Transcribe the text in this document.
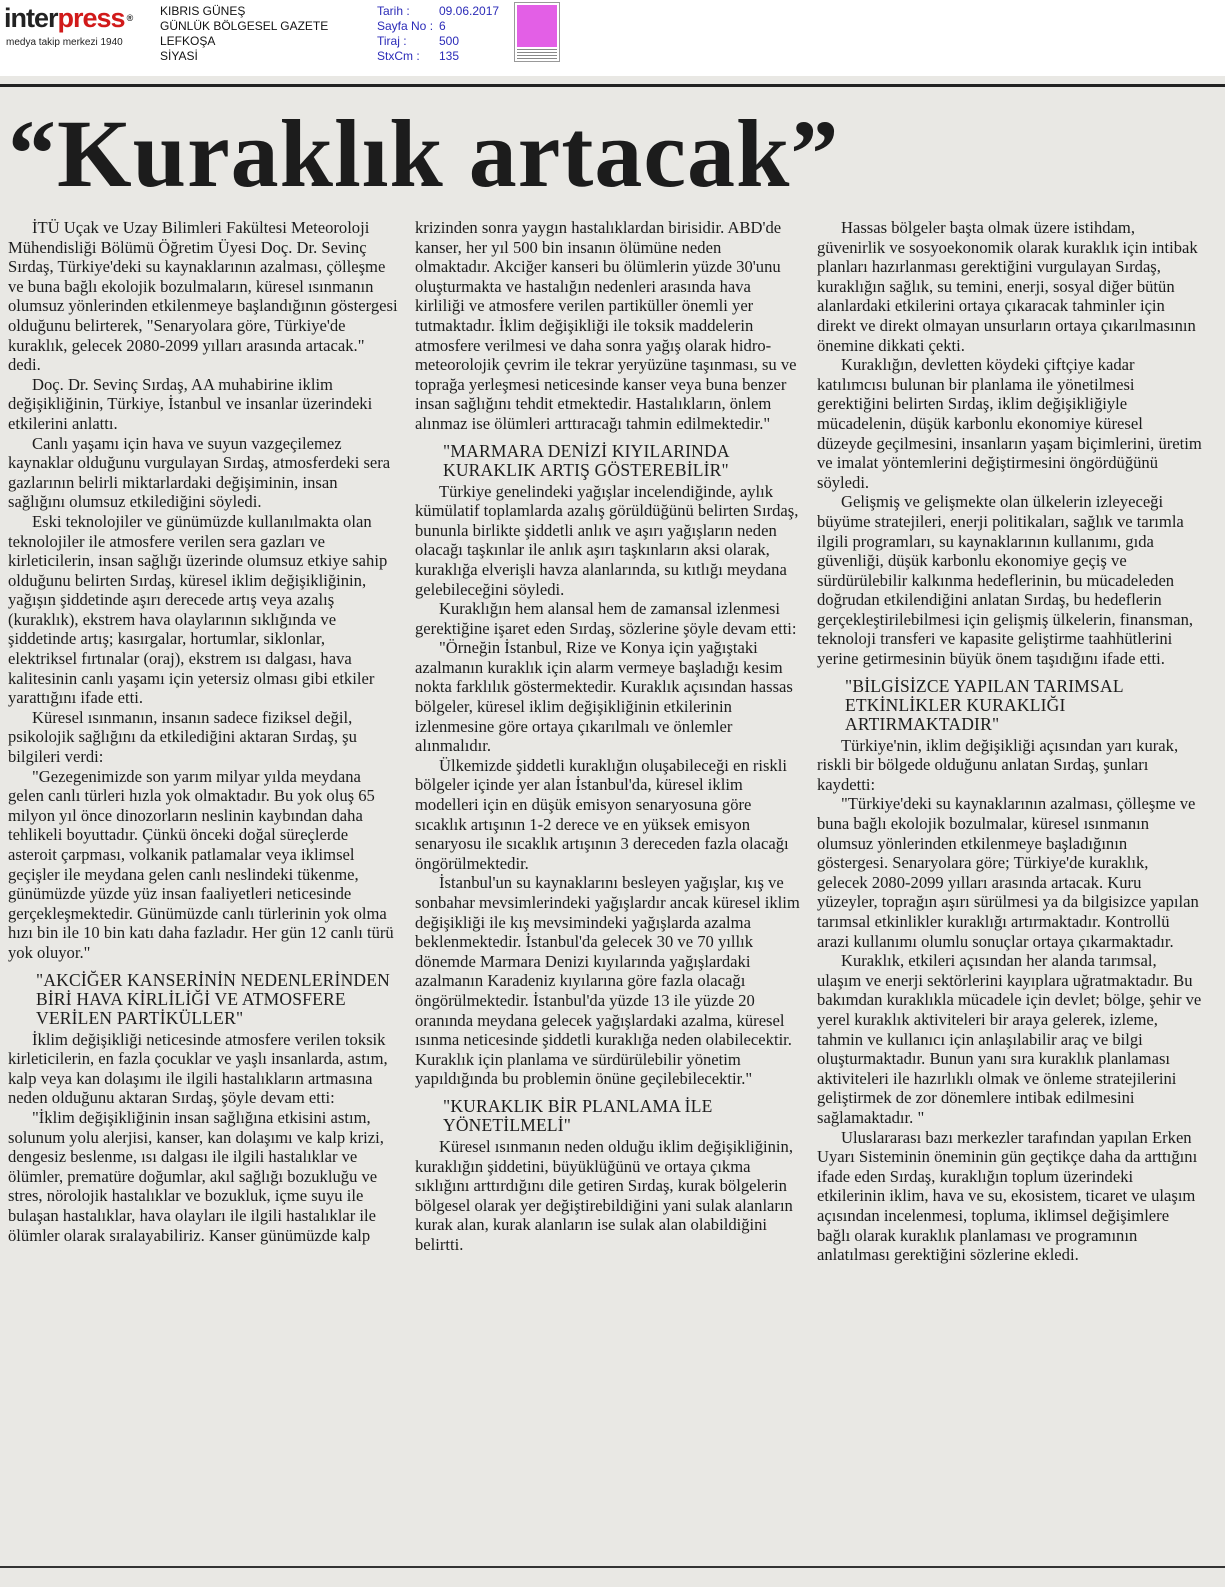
interpress ®
medya takip merkezi 1940
KIBRIS GÜNEŞ
GÜNLÜK BÖLGESEL GAZETE
LEFKOŞA
SİYASİ
Tarih :	09.06.2017
Sayfa No : 6
Tiraj :	500
StxCm :	135
“Kuraklık artacak”

İTÜ Uçak ve Uzay Bilimleri Fakültesi Meteoroloji Mühendisliği Bölümü Öğretim Üyesi Doç. Dr. Sevinç Sırdaş, Türkiye'deki su kaynaklarının azalması, çölleşme ve buna bağlı ekolojik bozulmaların, küresel ısınmanın olumsuz yönlerinden etkilenmeye başlandığının göstergesi olduğunu belirterek, "Senaryolara göre, Türkiye'de kuraklık, gelecek 2080-2099 yılları arasında artacak." dedi.

Doç. Dr. Sevinç Sırdaş, AA muhabirine iklim değişikliğinin, Türkiye, İstanbul ve insanlar üzerindeki etkilerini anlattı.

Canlı yaşamı için hava ve suyun vazgeçilemez kaynaklar olduğunu vurgulayan Sırdaş, atmosferdeki sera gazlarının belirli miktarlardaki değişiminin, insan sağlığını olumsuz etkilediğini söyledi.

Eski teknolojiler ve günümüzde kullanılmakta olan teknolojiler ile atmosfere verilen sera gazları ve kirleticilerin, insan sağlığı üzerinde olumsuz etkiye sahip olduğunu belirten Sırdaş, küresel iklim değişikliğinin, yağışın şiddetinde aşırı derecede artış veya azalış (kuraklık), ekstrem hava olaylarının sıklığında ve şiddetinde artış; kasırgalar, hortumlar, siklonlar, elektriksel fırtınalar (oraj), ekstrem ısı dalgası, hava kalitesinin canlı yaşamı için yetersiz olması gibi etkiler yarattığını ifade etti.

Küresel ısınmanın, insanın sadece fiziksel değil, psikolojik sağlığını da etkilediğini aktaran Sırdaş, şu bilgileri verdi:

"Gezegenimizde son yarım milyar yılda meydana gelen canlı türleri hızla yok olmaktadır. Bu yok oluş 65 milyon yıl önce dinozorların neslinin kaybından daha tehlikeli boyuttadır. Çünkü önceki doğal süreçlerde asteroit çarpması, volkanik patlamalar veya iklimsel geçişler ile meydana gelen canlı neslindeki tükenme, günümüzde yüzde yüz insan faaliyetleri neticesinde gerçekleşmektedir. Günümüzde canlı türlerinin yok olma hızı bin ile 10 bin katı daha fazladır. Her gün 12 canlı türü yok oluyor."

"AKCİĞER KANSERİNİN NEDENLERİNDEN BİRİ HAVA KİRLİLİĞİ VE ATMOSFERE VERİLEN PARTİKÜLLER"

İklim değişikliği neticesinde atmosfere verilen toksik kirleticilerin, en fazla çocuklar ve yaşlı insanlarda, astım, kalp veya kan dolaşımı ile ilgili hastalıkların artmasına neden olduğunu aktaran Sırdaş, şöyle devam etti:

"İklim değişikliğinin insan sağlığına etkisini astım, solunum yolu alerjisi, kanser, kan dolaşımı ve kalp krizi, dengesiz beslenme, ısı dalgası ile ilgili hastalıklar ve ölümler, prematüre doğumlar, akıl sağlığı bozukluğu ve stres, nörolojik hastalıklar ve bozukluk, içme suyu ile bulaşan hastalıklar, hava olayları ile ilgili hastalıklar ile ölümler olarak sıralayabiliriz. Kanser günümüzde kalp

krizinden sonra yaygın hastalıklardan birisidir. ABD'de kanser, her yıl 500 bin insanın ölümüne neden olmaktadır. Akciğer kanseri bu ölümlerin yüzde 30'unu oluşturmakta ve hastalığın nedenleri arasında hava kirliliği ve atmosfere verilen partiküller önemli yer tutmaktadır. İklim değişikliği ile toksik maddelerin atmosfere verilmesi ve daha sonra yağış olarak hidro-meteorolojik çevrim ile tekrar yeryüzüne taşınması, su ve toprağa yerleşmesi neticesinde kanser veya buna benzer insan sağlığını tehdit etmektedir. Hastalıkların, önlem alınmaz ise ölümleri arttıracağı tahmin edilmektedir."

"MARMARA DENİZİ KIYILARINDA KURAKLIK ARTIŞ GÖSTEREBİLİR"

Türkiye genelindeki yağışlar incelendiğinde, aylık kümülatif toplamlarda azalış görüldüğünü belirten Sırdaş, bununla birlikte şiddetli anlık ve aşırı yağışların neden olacağı taşkınlar ile anlık aşırı taşkınların aksi olarak, kuraklığa elverişli havza alanlarında, su kıtlığı meydana gelebileceğini söyledi.

Kuraklığın hem alansal hem de zamansal izlenmesi gerektiğine işaret eden Sırdaş, sözlerine şöyle devam etti:

"Örneğin İstanbul, Rize ve Konya için yağıştaki azalmanın kuraklık için alarm vermeye başladığı kesim nokta farklılık göstermektedir. Kuraklık açısından hassas bölgeler, küresel iklim değişikliğinin etkilerinin izlenmesine göre ortaya çıkarılmalı ve önlemler alınmalıdır.

Ülkemizde şiddetli kuraklığın oluşabileceği en riskli bölgeler içinde yer alan İstanbul'da, küresel iklim modelleri için en düşük emisyon senaryosuna göre sıcaklık artışının 1-2 derece ve en yüksek emisyon senaryosu ile sıcaklık artışının 3 dereceden fazla olacağı öngörülmektedir.

İstanbul'un su kaynaklarını besleyen yağışlar, kış ve sonbahar mevsimlerindeki yağışlardır ancak küresel iklim değişikliği ile kış mevsimindeki yağışlarda azalma beklenmektedir. İstanbul'da gelecek 30 ve 70 yıllık dönemde Marmara Denizi kıyılarında yağışlardaki azalmanın Karadeniz kıyılarına göre fazla olacağı öngörülmektedir. İstanbul'da yüzde 13 ile yüzde 20 oranında meydana gelecek yağışlardaki azalma, küresel ısınma neticesinde şiddetli kuraklığa neden olabilecektir. Kuraklık için planlama ve sürdürülebilir yönetim yapıldığında bu problemin önüne geçilebilecektir."

"KURAKLIK BİR PLANLAMA İLE YÖNETİLMELİ"

Küresel ısınmanın neden olduğu iklim değişikliğinin, kuraklığın şiddetini, büyüklüğünü ve ortaya çıkma sıklığını arttırdığını dile getiren Sırdaş, kurak bölgelerin bölgesel olarak yer değiştirebildiğini yani sulak alanların kurak alan, kurak alanların ise sulak alan olabildiğini belirtti.

Hassas bölgeler başta olmak üzere istihdam, güvenirlik ve sosyoekonomik olarak kuraklık için intibak planları hazırlanması gerektiğini vurgulayan Sırdaş, kuraklığın sağlık, su temini, enerji, sosyal diğer bütün alanlardaki etkilerini ortaya çıkaracak tahminler için direkt ve direkt olmayan unsurların ortaya çıkarılmasının önemine dikkati çekti.

Kuraklığın, devletten köydeki çiftçiye kadar katılımcısı bulunan bir planlama ile yönetilmesi gerektiğini belirten Sırdaş, iklim değişikliğiyle mücadelenin, düşük karbonlu ekonomiye küresel düzeyde geçilmesini, insanların yaşam biçimlerini, üretim ve imalat yöntemlerini değiştirmesini öngördüğünü söyledi.

Gelişmiş ve gelişmekte olan ülkelerin izleyeceği büyüme stratejileri, enerji politikaları, sağlık ve tarımla ilgili programları, su kaynaklarının kullanımı, gıda güvenliği, düşük karbonlu ekonomiye geçiş ve sürdürülebilir kalkınma hedeflerinin, bu mücadeleden doğrudan etkilendiğini anlatan Sırdaş, bu hedeflerin gerçekleştirilebilmesi için gelişmiş ülkelerin, finansman, teknoloji transferi ve kapasite geliştirme taahhütlerini yerine getirmesinin büyük önem taşıdığını ifade etti.

"BİLGİSİZCE YAPILAN TARIMSAL ETKİNLİKLER KURAKLIĞI ARTIRMAKTADIR"

Türkiye'nin, iklim değişikliği açısından yarı kurak, riskli bir bölgede olduğunu anlatan Sırdaş, şunları kaydetti:

"Türkiye'deki su kaynaklarının azalması, çölleşme ve buna bağlı ekolojik bozulmalar, küresel ısınmanın olumsuz yönlerinden etkilenmeye başladığının göstergesi. Senaryolara göre; Türkiye'de kuraklık, gelecek 2080-2099 yılları arasında artacak. Kuru yüzeyler, toprağın aşırı sürülmesi ya da bilgisizce yapılan tarımsal etkinlikler kuraklığı artırmaktadır. Kontrollü arazi kullanımı olumlu sonuçlar ortaya çıkarmaktadır.

Kuraklık, etkileri açısından her alanda tarımsal, ulaşım ve enerji sektörlerini kayıplara uğratmaktadır. Bu bakımdan kuraklıkla mücadele için devlet; bölge, şehir ve yerel kuraklık aktiviteleri bir araya gelerek, izleme, tahmin ve kullanıcı için anlaşılabilir araç ve bilgi oluşturmaktadır. Bunun yanı sıra kuraklık planlaması aktiviteleri ile hazırlıklı olmak ve önleme stratejilerini geliştirmek de zor dönemlere intibak edilmesini sağlamaktadır. "

Uluslararası bazı merkezler tarafından yapılan Erken Uyarı Sisteminin öneminin gün geçtikçe daha da arttığını ifade eden Sırdaş, kuraklığın toplum üzerindeki etkilerinin iklim, hava ve su, ekosistem, ticaret ve ulaşım açısından incelenmesi, topluma, iklimsel değişimlere bağlı olarak kuraklık planlaması ve programının anlatılması gerektiğini sözlerine ekledi.
